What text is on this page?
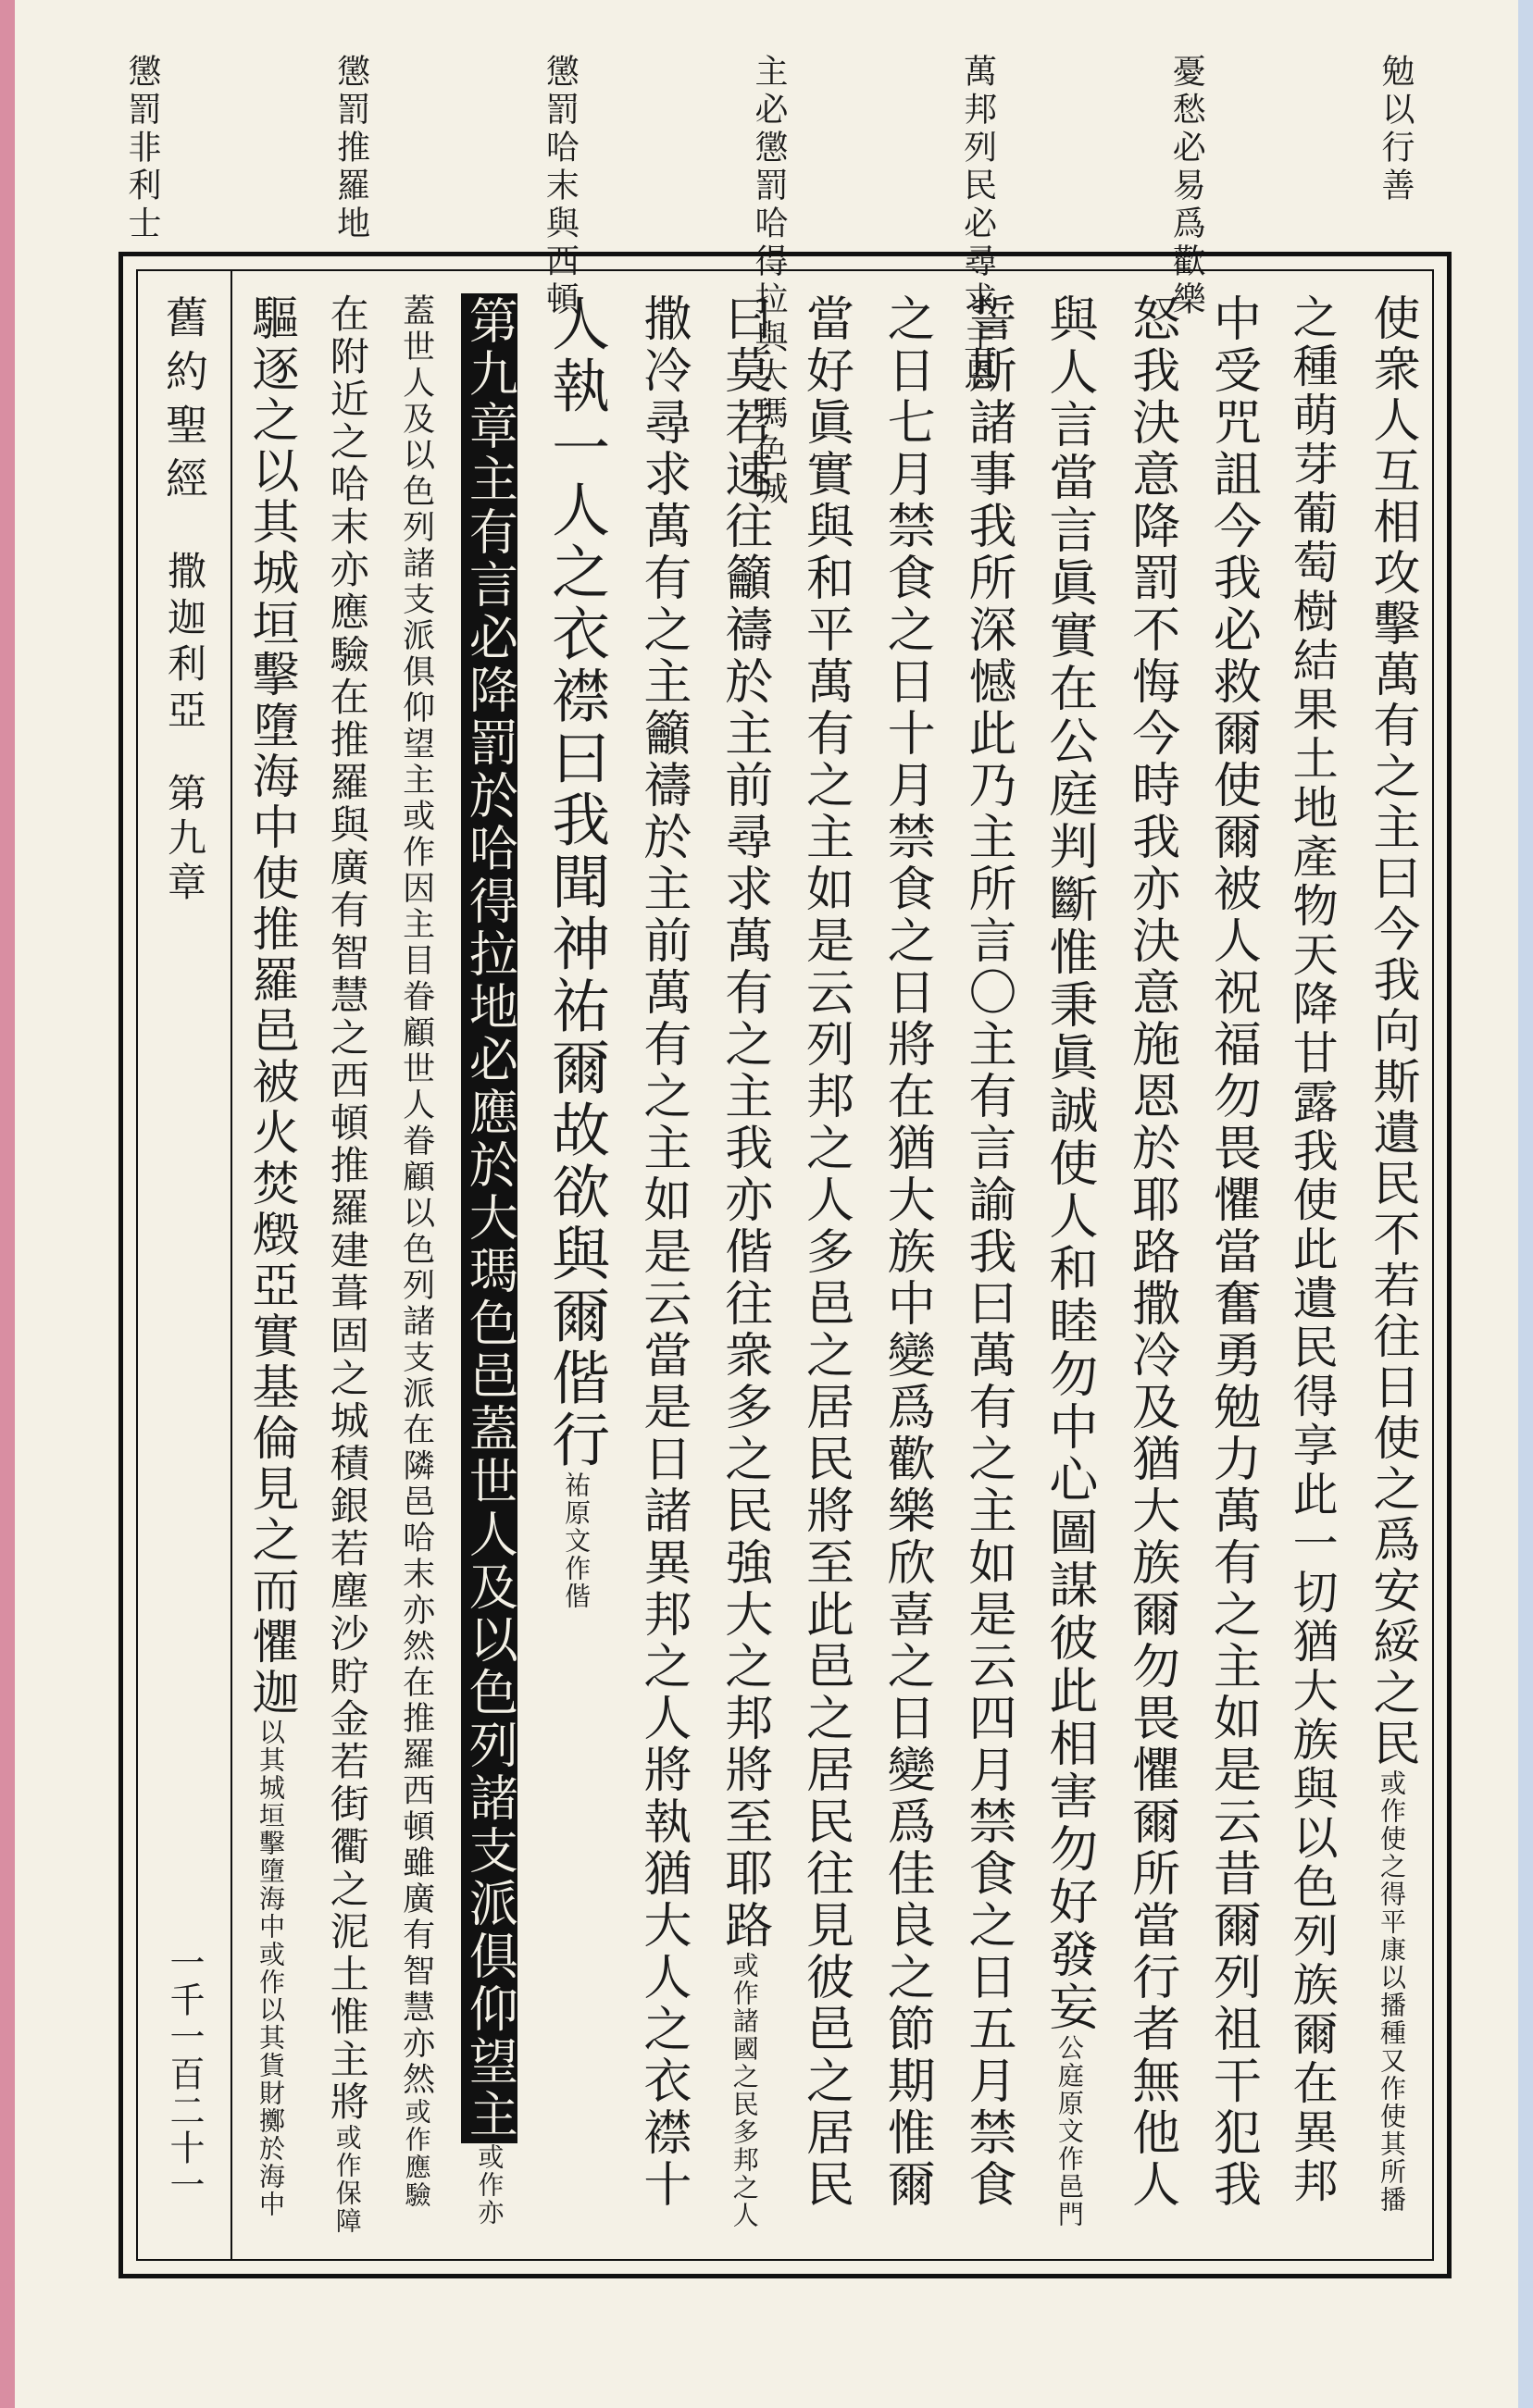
勉以行善
憂愁必易爲歡樂
萬邦列民必尋求主恩
主必懲罰哈得拉與大瑪色城
懲罰哈末與西頓
懲罰推羅地
懲罰非利士
舊約聖經
撒迦利亞
第九章
一千一百二十一
使衆人互相攻擊萬有之主曰今我向斯遺民不若往日使之爲安綏之民或作使之得平康以播種又作使其所播
之種萌芽葡萄樹結果土地產物天降甘露我使此遺民得享此一切猶大族與以色列族爾在異邦
中受咒詛今我必救爾使爾被人祝福勿畏懼當奮勇勉力萬有之主如是云昔爾列祖干犯我
怒我決意降罰不悔今時我亦決意施恩於耶路撒冷及猶大族爾勿畏懼爾所當行者無他人
與人言當言眞實在公庭判斷惟秉眞誠使人和睦勿中心圖謀彼此相害勿好發妄公庭原文作邑門
誓斯諸事我所深憾此乃主所言〇主有言諭我曰萬有之主如是云四月禁食之日五月禁食
之日七月禁食之日十月禁食之日將在猶大族中變爲歡樂欣喜之日變爲佳良之節期惟爾
當好眞實與和平萬有之主如是云列邦之人多邑之居民將至此邑之居民往見彼邑之居民
曰莫若速往籲禱於主前尋求萬有之主我亦偕往衆多之民強大之邦將至耶路或作諸國之民多邦之人
撒冷尋求萬有之主籲禱於主前萬有之主如是云當是日諸異邦之人將執猶大人之衣襟十
人執一人之衣襟曰我聞神祐爾故欲與爾偕行祐原文作偕
第九章主有言必降罰於哈得拉地必應於大瑪色邑蓋世人及以色列諸支派俱仰望主或作亦
蓋世人及以色列諸支派俱仰望主或作因主目眷顧世人眷顧以色列諸支派在隣邑哈末亦然在推羅西頓雖廣有智慧亦然或作應驗
在附近之哈末亦應驗在推羅與廣有智慧之西頓推羅建葺固之城積銀若塵沙貯金若街衢之泥土惟主將或作保障
驅逐之以其城垣擊墮海中使推羅邑被火焚燬亞實基倫見之而懼迦以其城垣擊墮海中或作以其貨財擲於海中
